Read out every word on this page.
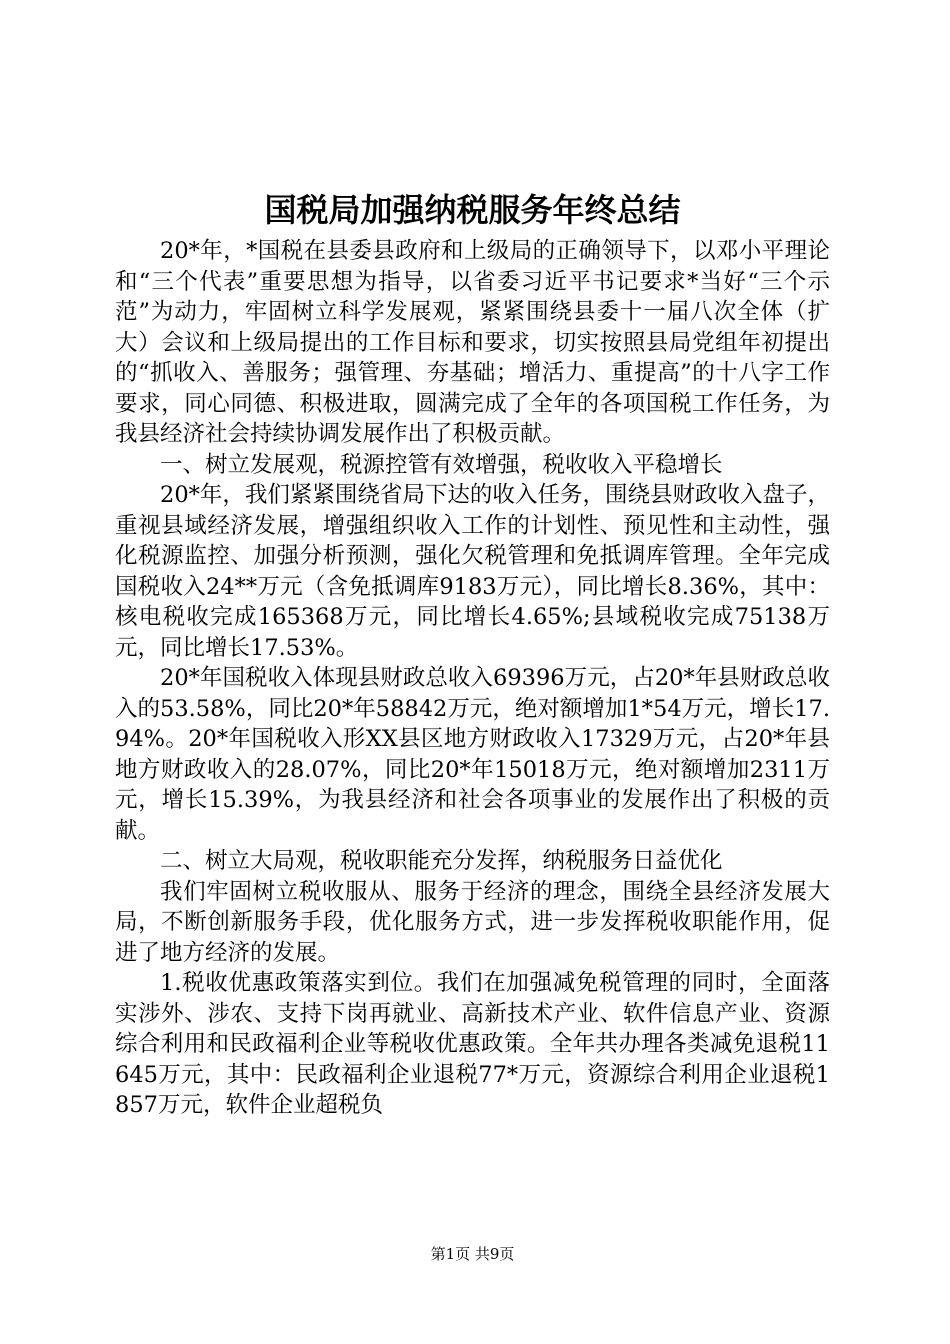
国税局加强纳税服务年终总结

20*年，*国税在县委县政府和上级局的正确领导下，以邓小平理论和“三个代表”重要思想为指导，以省委习近平书记要求*当好“三个示范”为动力，牢固树立科学发展观，紧紧围绕县委十一届八次全体（扩大）会议和上级局提出的工作目标和要求，切实按照县局党组年初提出的“抓收入、善服务；强管理、夯基础；增活力、重提高”的十八字工作要求，同心同德、积极进取，圆满完成了全年的各项国税工作任务，为我县经济社会持续协调发展作出了积极贡献。

一、树立发展观，税源控管有效增强，税收收入平稳增长

20*年，我们紧紧围绕省局下达的收入任务，围绕县财政收入盘子，重视县域经济发展，增强组织收入工作的计划性、预见性和主动性，强化税源监控、加强分析预测，强化欠税管理和免抵调库管理。全年完成国税收入24**万元（含免抵调库9183万元），同比增长8.36%，其中：核电税收完成165368万元，同比增长4.65%;县域税收完成75138万元，同比增长17.53%。

20*年国税收入体现县财政总收入69396万元，占20*年县财政总收入的53.58%，同比20*年58842万元，绝对额增加1*54万元，增长17.94%。20*年国税收入形XX县区地方财政收入17329万元，占20*年县地方财政收入的28.07%，同比20*年15018万元，绝对额增加2311万元，增长15.39%，为我县经济和社会各项事业的发展作出了积极的贡献。

二、树立大局观，税收职能充分发挥，纳税服务日益优化

我们牢固树立税收服从、服务于经济的理念，围绕全县经济发展大局，不断创新服务手段，优化服务方式，进一步发挥税收职能作用，促进了地方经济的发展。

1.税收优惠政策落实到位。我们在加强减免税管理的同时，全面落实涉外、涉农、支持下岗再就业、高新技术产业、软件信息产业、资源综合利用和民政福利企业等税收优惠政策。全年共办理各类减免退税11645万元，其中：民政福利企业退税77*万元，资源综合利用企业退税1857万元，软件企业超税负

第1页 共9页
